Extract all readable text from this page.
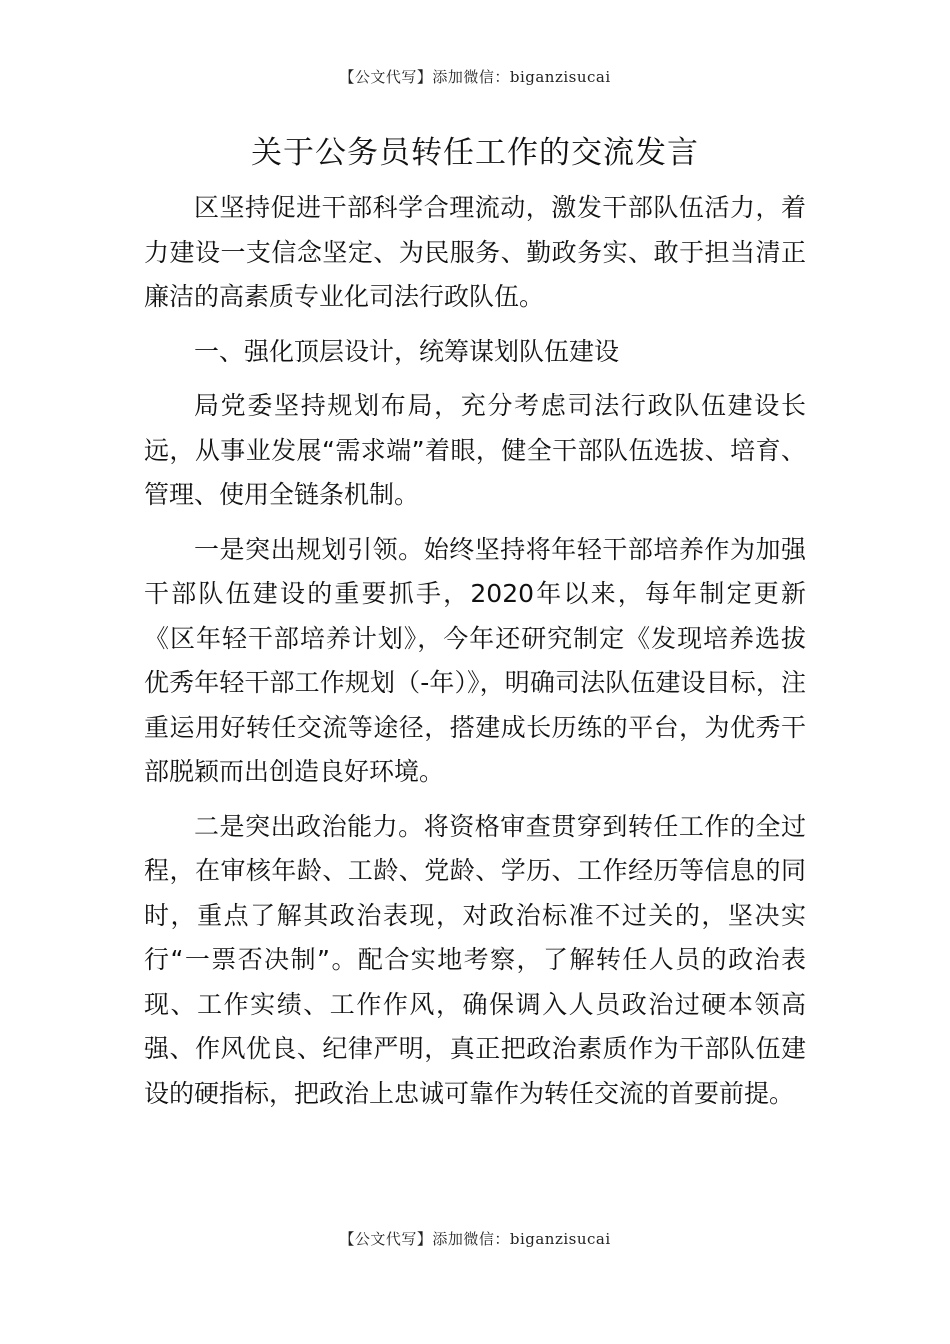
【公文代写】添加微信：biganzisucai
关于公务员转任工作的交流发言

区坚持促进干部科学合理流动，激发干部队伍活力，着力建设一支信念坚定、为民服务、勤政务实、敢于担当清正廉洁的高素质专业化司法行政队伍。

一、强化顶层设计，统筹谋划队伍建设

局党委坚持规划布局，充分考虑司法行政队伍建设长远，从事业发展“需求端”着眼，健全干部队伍选拔、培育、管理、使用全链条机制。

一是突出规划引领。始终坚持将年轻干部培养作为加强干部队伍建设的重要抓手，2020年以来，每年制定更新《区年轻干部培养计划》，今年还研究制定《发现培养选拔优秀年轻干部工作规划（-年）》，明确司法队伍建设目标，注重运用好转任交流等途径，搭建成长历练的平台，为优秀干部脱颖而出创造良好环境。

二是突出政治能力。将资格审查贯穿到转任工作的全过程，在审核年龄、工龄、党龄、学历、工作经历等信息的同时，重点了解其政治表现，对政治标准不过关的，坚决实行“一票否决制”。配合实地考察，了解转任人员的政治表现、工作实绩、工作作风，确保调入人员政治过硬本领高强、作风优良、纪律严明，真正把政治素质作为干部队伍建设的硬指标，把政治上忠诚可靠作为转任交流的首要前提。

【公文代写】添加微信：biganzisucai
